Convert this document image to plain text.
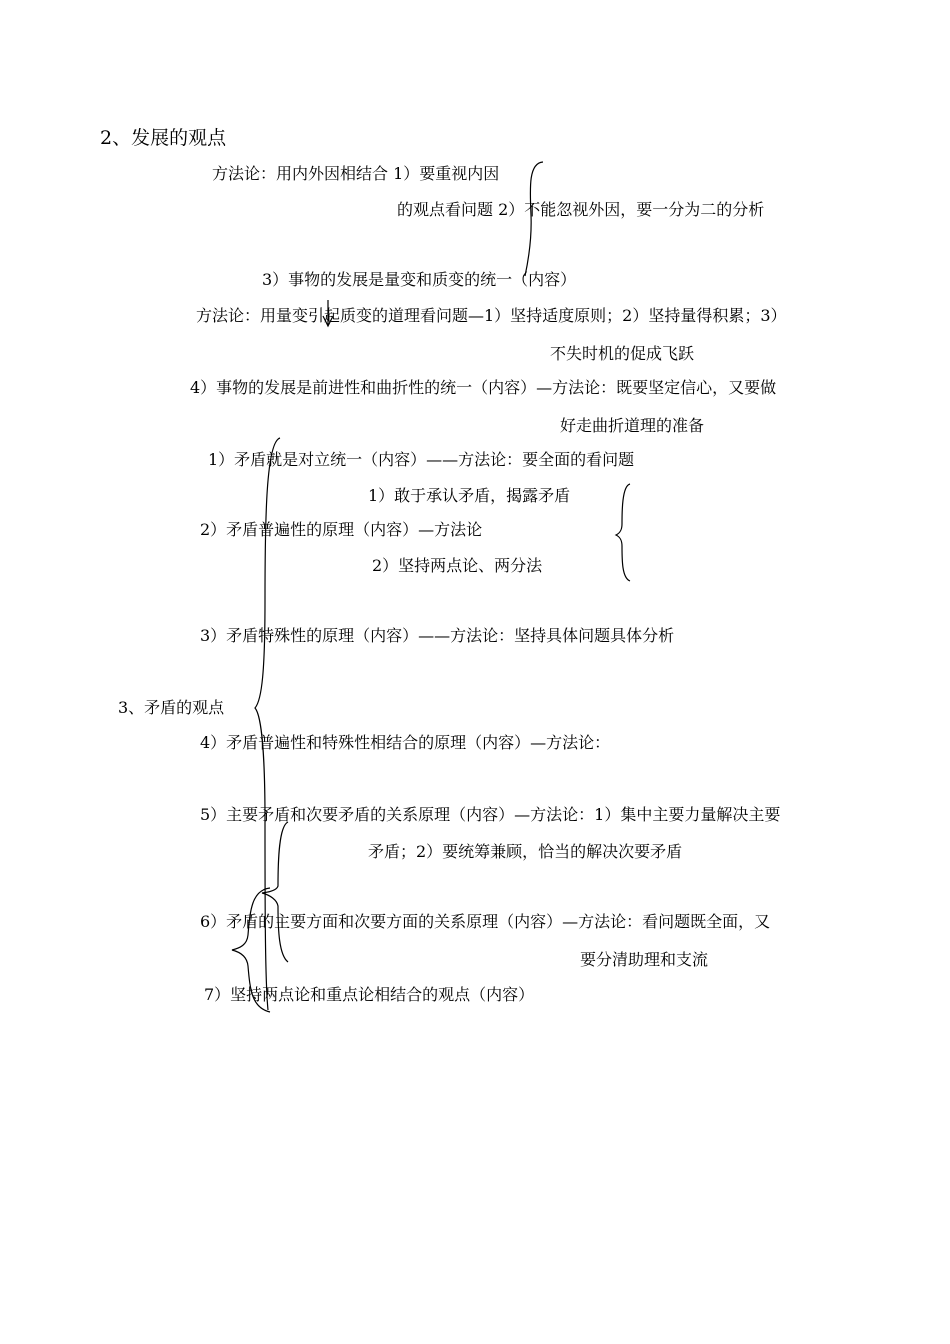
2、发展的观点
方法论：用内外因相结合 1）要重视内因
的观点看问题 2）不能忽视外因，要一分为二的分析
3）事物的发展是量变和质变的统一（内容）
方法论：用量变引起质变的道理看问题—1）坚持适度原则；2）坚持量得积累；3）
不失时机的促成飞跃
4）事物的发展是前进性和曲折性的统一（内容）—方法论：既要坚定信心，又要做
好走曲折道理的准备
1）矛盾就是对立统一（内容）——方法论：要全面的看问题
1）敢于承认矛盾，揭露矛盾
2）矛盾普遍性的原理（内容）—方法论
2）坚持两点论、两分法
3）矛盾特殊性的原理（内容）——方法论：坚持具体问题具体分析
3、矛盾的观点
4）矛盾普遍性和特殊性相结合的原理（内容）—方法论：
5）主要矛盾和次要矛盾的关系原理（内容）—方法论：1）集中主要力量解决主要
矛盾；2）要统筹兼顾，恰当的解决次要矛盾
6）矛盾的主要方面和次要方面的关系原理（内容）—方法论：看问题既全面，又
要分清助理和支流
7）坚持两点论和重点论相结合的观点（内容）
